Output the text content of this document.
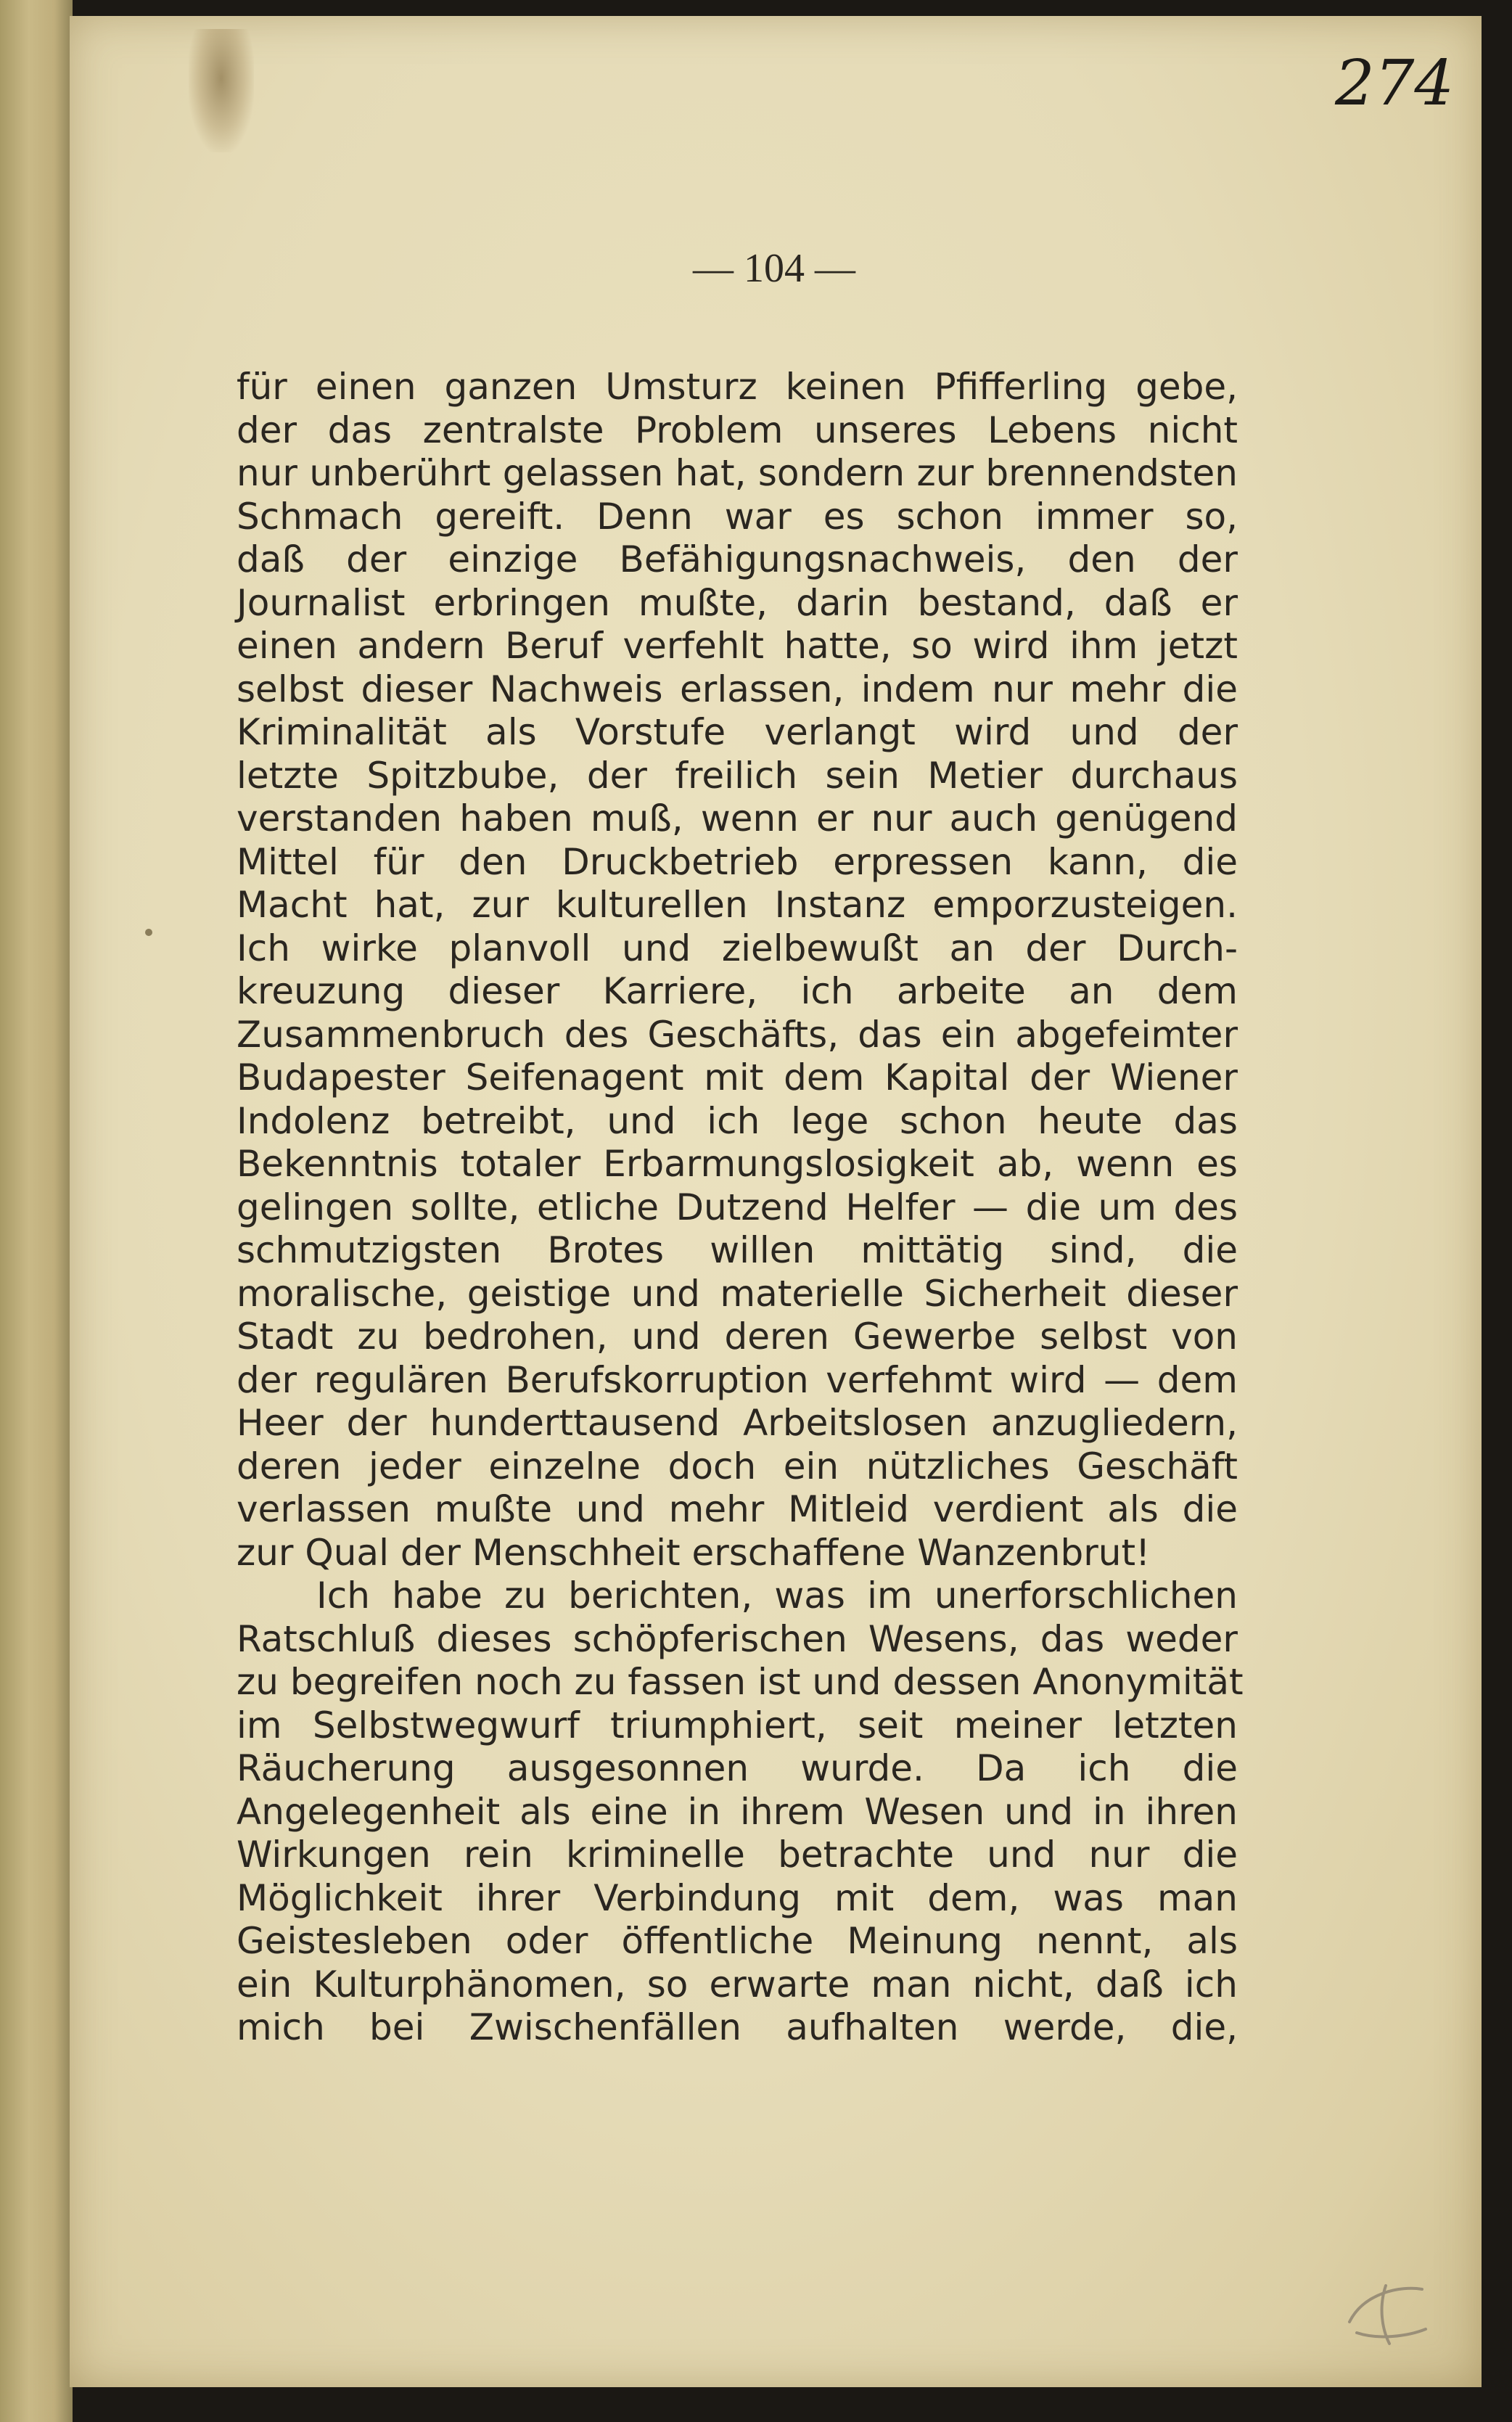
274
— 104 —
für einen ganzen Umsturz keinen Pfifferling gebe,
der das zentralste Problem unseres Lebens nicht
nur unberührt gelassen hat, sondern zur brennendsten
Schmach gereift. Denn war es schon immer so,
daß der einzige Befähigungsnachweis, den der
Journalist erbringen mußte, darin bestand, daß er
einen andern Beruf verfehlt hatte, so wird ihm jetzt
selbst dieser Nachweis erlassen, indem nur mehr die
Kriminalität als Vorstufe verlangt wird und der
letzte Spitzbube, der freilich sein Metier durchaus
verstanden haben muß, wenn er nur auch genügend
Mittel für den Druckbetrieb erpressen kann, die
Macht hat, zur kulturellen Instanz emporzusteigen.
Ich wirke planvoll und zielbewußt an der Durch-
kreuzung dieser Karriere, ich arbeite an dem
Zusammenbruch des Geschäfts, das ein abgefeimter
Budapester Seifenagent mit dem Kapital der Wiener
Indolenz betreibt, und ich lege schon heute das
Bekenntnis totaler Erbarmungslosigkeit ab, wenn es
gelingen sollte, etliche Dutzend Helfer — die um des
schmutzigsten Brotes willen mittätig sind, die
moralische, geistige und materielle Sicherheit dieser
Stadt zu bedrohen, und deren Gewerbe selbst von
der regulären Berufskorruption verfehmt wird — dem
Heer der hunderttausend Arbeitslosen anzugliedern,
deren jeder einzelne doch ein nützliches Geschäft
verlassen mußte und mehr Mitleid verdient als die
zur Qual der Menschheit erschaffene Wanzenbrut!
Ich habe zu berichten, was im unerforschlichen
Ratschluß dieses schöpferischen Wesens, das weder
zu begreifen noch zu fassen ist und dessen Anonymität
im Selbstwegwurf triumphiert, seit meiner letzten
Räucherung ausgesonnen wurde. Da ich die
Angelegenheit als eine in ihrem Wesen und in ihren
Wirkungen rein kriminelle betrachte und nur die
Möglichkeit ihrer Verbindung mit dem, was man
Geistesleben oder öffentliche Meinung nennt, als
ein Kulturphänomen, so erwarte man nicht, daß ich
mich bei Zwischenfällen aufhalten werde, die,
